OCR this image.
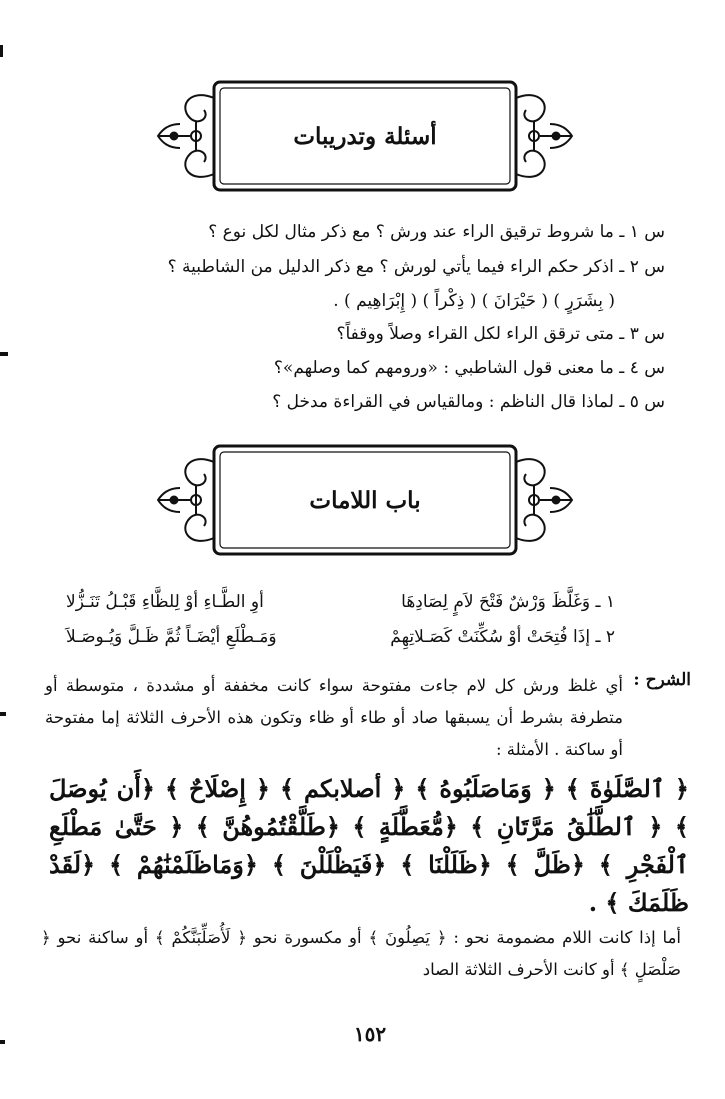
أسئلة وتدريبات
س ١ ـ ما شروط ترقيق الراء عند ورش ؟ مع ذكر مثال لكل نوع ؟
س ٢ ـ اذكر حكم الراء فيما يأتي لورش ؟ مع ذكر الدليل من الشاطبية ؟
( بِشَرَرٍ ) ( حَيْرَانَ ) ( ذِكْراً ) ( إِبْرَاهِيم ) .
س ٣ ـ متى ترقق الراء لكل القراء وصلاً ووقفاً؟
س ٤ ـ ما معنى قول الشاطبي : «ورومهم كما وصلهم»؟
س ٥ ـ لماذا قال الناظم : ومالقياس في القراءة مدخل ؟
باب اللامات
١ ـ وَغَلَّظَ وَرْشٌ فَتْحَ لاَمٍ لِصَادِهَا
أوِ الطَّـاءِ أوْ لِلظَّاءِ قَبْـلُ تَنَـزُّلا
٢ ـ إذَا فُتِحَتْ أوْ سُكِّنَتْ كَصَـلاتِهِمْ
وَمَـطْلَعِ أيْضَـاً ثُمَّ ظَـلَّ وَيُـوصَـلاَ
الشرح :
أي غلظ ورش كل لام جاءت مفتوحة سواء كانت مخففة أو مشددة ، متوسطة أو متطرفة بشرط أن يسبقها صاد أو طاء أو ظاء وتكون هذه الأحرف الثلاثة إما مفتوحة أو ساكنة . الأمثلة :
﴿ ٱلصَّلَوٰةَ ﴾ ﴿ وَمَاصَلَبُوهُ ﴾ ﴿ أصلابكم ﴾ ﴿ إِصْلَاحٌ ﴾ ﴿أَن يُوصَلَ ﴾ ﴿ ٱلطَّلَٰقُ مَرَّتَانِ ﴾ ﴿مُّعَطَّلَةٍ ﴾ ﴿طَلَّقْتُمُوهُنَّ ﴾ ﴿ حَتَّىٰ مَطْلَعِ ٱلْفَجْرِ ﴾ ﴿ظَلَّ ﴾ ﴿ظَلَلْنَا ﴾ ﴿فَيَظْلَلْنَ ﴾ ﴿وَمَاظَلَمْنَٰهُمْ ﴾ ﴿لَقَدْ ظَلَمَكَ ﴾ .
أما إذا كانت اللام مضمومة نحو : ﴿ يَصِلُونَ ﴾ أو مكسورة نحو ﴿ لَأُصَلِّبَنَّكُمْ ﴾ أو ساكنة نحو ﴿ صَلْصَلٍ ﴾ أو كانت الأحرف الثلاثة الصاد
١٥٢
